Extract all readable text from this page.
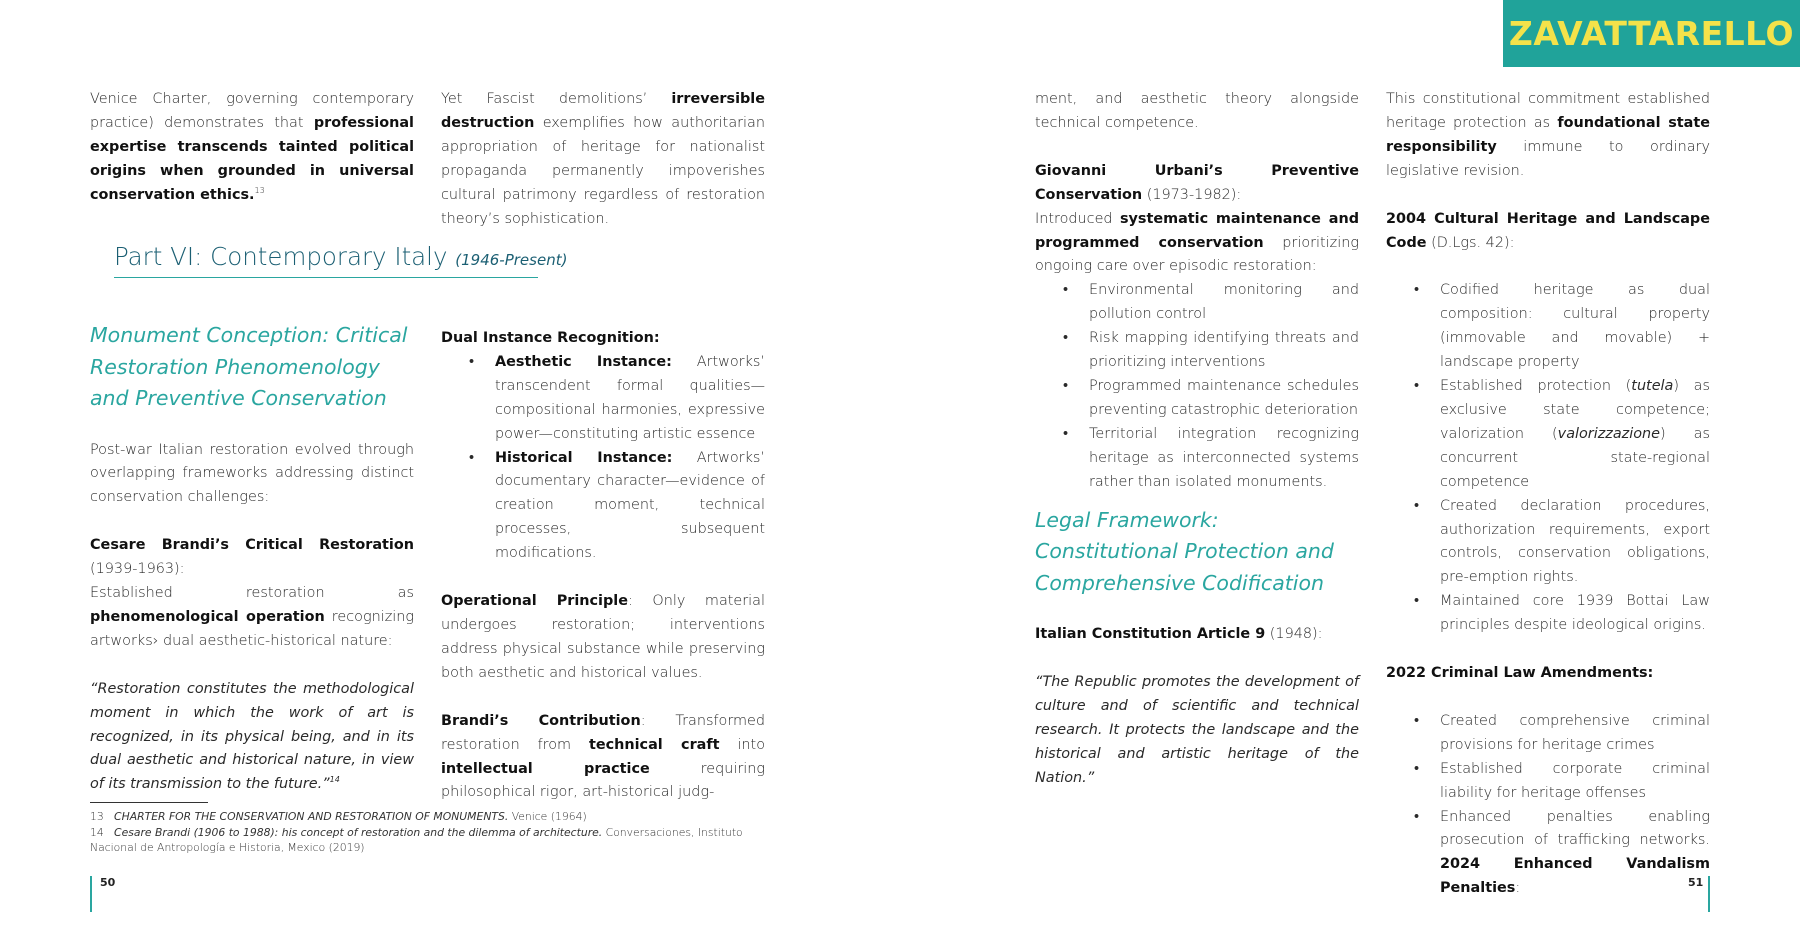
ZAVATTARELLO

Venice Charter, governing contemporary practice) demonstrates that professional expertise transcends tainted political origins when grounded in universal conservation ethics.$^{13}$

Yet Fascist demolitions’ irreversible destruction exemplifies how authoritarian appropriation of heritage for nationalist propaganda permanently impoverishes cultural patrimony regardless of restoration theory’s sophistication.

Part VI: Contemporary Italy (1946-Present)
Monument Conception: Critical Restoration Phenomenology and Preventive Conservation

Post-war Italian restoration evolved through overlapping frameworks addressing distinct conservation challenges:

Cesare Brandi’s Critical Restoration (1939-1963):
Established restoration as phenomenological operation recognizing artworks› dual aesthetic-historical nature:

“Restoration constitutes the methodological moment in which the work of art is recognized, in its physical being, and in its dual aesthetic and historical nature, in view of its transmission to the future.”$^{14}$

Dual Instance Recognition:

• Aesthetic Instance: Artworks’ transcendent formal qualities—compositional harmonies, expressive power—constituting artistic essence
• Historical Instance: Artworks’ documentary character—evidence of creation moment, technical processes, subsequent modifications.

Operational Principle: Only material undergoes restoration; interventions address physical substance while preserving both aesthetic and historical values.

Brandi’s Contribution: Transformed restoration from technical craft into intellectual practice requiring philosophical rigor, art-historical judg-

13 CHARTER FOR THE CONSERVATION AND RESTORATION OF MONUMENTS. Venice (1964)
14 Cesare Brandi (1906 to 1988): his concept of restoration and the dilemma of architecture. Conversaciones, Instituto Nacional de Antropología e Historia, Mexico (2019)
50

ment, and aesthetic theory alongside technical competence.

Giovanni Urbani’s Preventive Conservation (1973-1982):
Introduced systematic maintenance and programmed conservation prioritizing ongoing care over episodic restoration:

• Environmental monitoring and pollution control
• Risk mapping identifying threats and prioritizing interventions
• Programmed maintenance schedules preventing catastrophic deterioration
• Territorial integration recognizing heritage as interconnected systems rather than isolated monuments.
Legal Framework: Constitutional Protection and Comprehensive Codification

Italian Constitution Article 9 (1948):

“The Republic promotes the development of culture and of scientific and technical research. It protects the landscape and the historical and artistic heritage of the Nation.”

This constitutional commitment established heritage protection as foundational state responsibility immune to ordinary legislative revision.

2004 Cultural Heritage and Landscape Code (D.Lgs. 42):

• Codified heritage as dual composition: cultural property (immovable and movable) + landscape property
• Established protection (tutela) as exclusive state competence; valorization (valorizzazione) as concurrent state-regional competence
• Created declaration procedures, authorization requirements, export controls, conservation obligations, pre-emption rights.
• Maintained core 1939 Bottai Law principles despite ideological origins.

2022 Criminal Law Amendments:

• Created comprehensive criminal provisions for heritage crimes
• Established corporate criminal liability for heritage offenses
• Enhanced penalties enabling prosecution of trafficking networks. 2024 Enhanced Vandalism Penalties:	51
